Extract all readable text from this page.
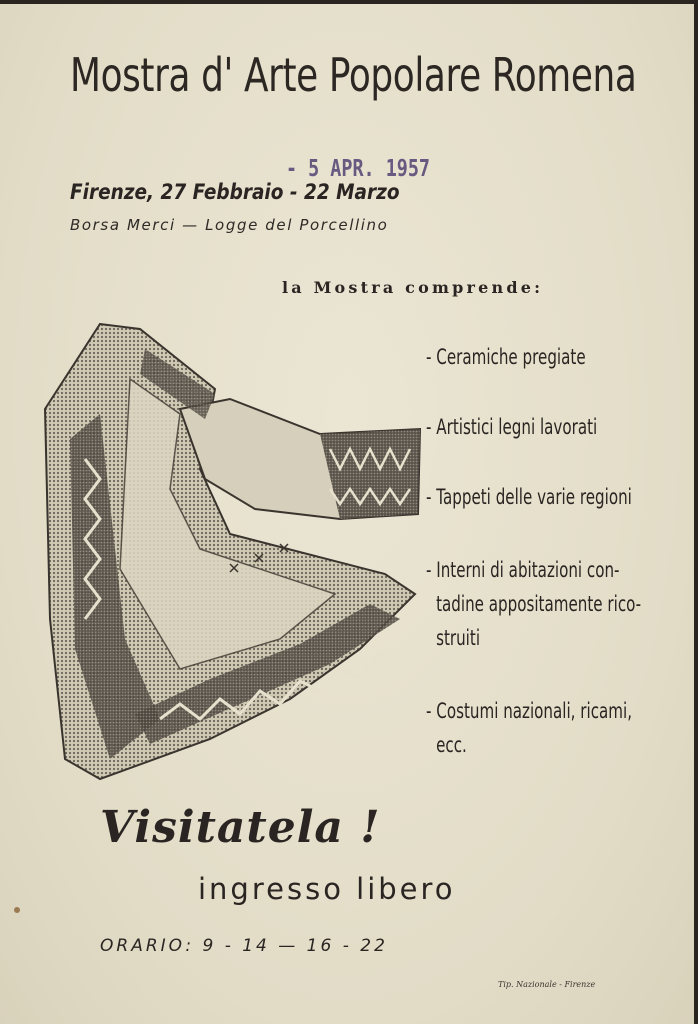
Mostra d' Arte Popolare Romena
- 5 APR. 1957
Firenze, 27 Febbraio - 22 Marzo
Borsa Merci — Logge del Porcellino
la Mostra comprende:
- Ceramiche pregiate
- Artistici legni lavorati
- Tappeti delle varie regioni
- Interni di abitazioni con-
tadine appositamente rico-
struiti
- Costumi nazionali, ricami,
ecc.
Visitatela !
ingresso libero
ORARIO: 9 - 14 — 16 - 22
Tip. Nazionale - Firenze
